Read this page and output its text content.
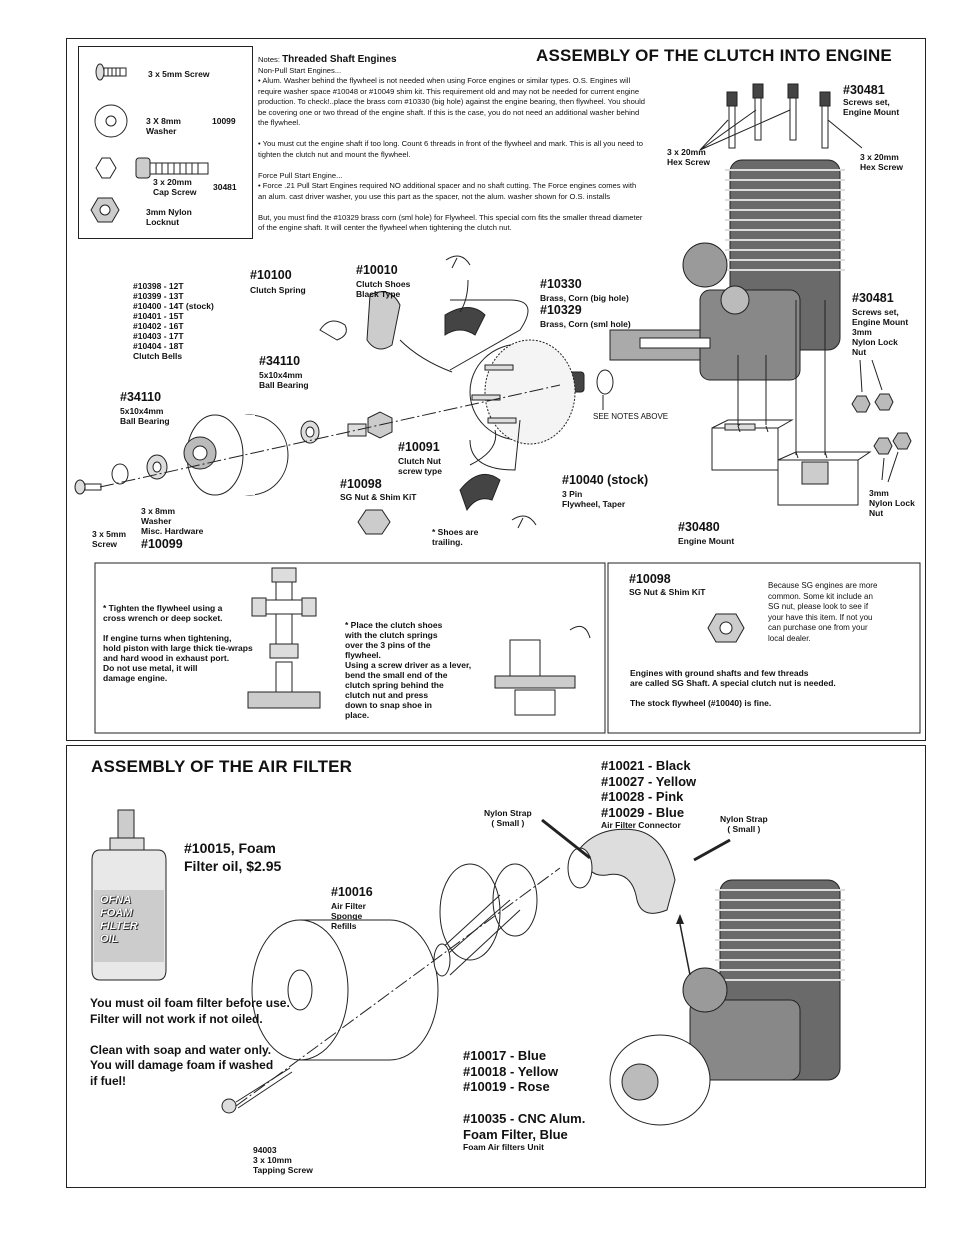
ASSEMBLY OF THE CLUTCH INTO ENGINE
3 x 5mm Screw
3 X 8mm
Washer
10099
3 x 20mm
Cap Screw 30481
3mm Nylon
Locknut
Notes: Threaded Shaft Engines
Non-Pull Start Engines...
• Alum. Washer behind the flywheel is not needed when using Force engines or similar types. O.S. Engines will require washer space #10048 or #10049 shim kit. This requirement old and may not be needed for current engine production. To check!..place the brass corn #10330 (big hole) against the engine bearing, then flywheel. You should be covering one or two thread of the engine shaft. If this is the case, you do not need an additional washer behind the flywheel.

• You must cut the engine shaft if too long. Count 6 threads in front of the flywheel and mark. This is all you need to tighten the clutch nut and mount the flywheel.

Force Pull Start Engine...
• Force .21 Pull Start Engines required NO additional spacer and no shaft cutting. The Force engines comes with an alum. cast driver washer, you use this part as the spacer, not the alum. washer shown for O.S. installs

But, you must find the #10329 brass corn (sml hole) for Flywheel. This special corn fits the smaller thread diameter of the engine shaft. It will center the flywheel when tightening the clutch nut.
#30481
Screws set,
Engine Mount
3 x 20mm
Hex Screw	3 x 20mm
Hex Screw
#10398 - 12T
#10399 - 13T
#10400 - 14T (stock)
#10401 - 15T
#10402 - 16T
#10403 - 17T
#10404 - 18T
Clutch Bells
#10100
Clutch Spring
#10010
Clutch Shoes
Black Type
#10330
Brass, Corn (big hole)
#10329
Brass, Corn (sml hole)
#30481
Screws set,
Engine Mount
3mm
Nylon Lock
Nut
#34110
5x10x4mm
Ball Bearing
#34110
5x10x4mm
Ball Bearing	SEE NOTES ABOVE
#10091
Clutch Nut
screw type
#10098
SG Nut & Shim KiT
#10040 (stock)
3 Pin
Flywheel, Taper
3mm
Nylon Lock
Nut
3 x 8mm
Washer
Misc. Hardware
#10099
3 x 5mm
Screw
* Shoes are
trailing.
#30480
Engine Mount
* Tighten the flywheel using a
cross wrench or deep socket.

If engine turns when tightening,
hold piston with large thick tie-wraps
and hard wood in exhaust port.
Do not use metal, it will
damage engine.
* Place the clutch shoes
with the clutch springs
over the 3 pins of the
flywheel.
Using a screw driver as a lever,
bend the small end of the
clutch spring behind the
clutch nut and press
down to snap shoe in
place.
#10098
SG Nut & Shim KiT
Because SG engines are more
common. Some kit include an
SG nut, please look to see if
your have this item. If not you
can purchase one from your
local dealer.
Engines with ground shafts and few threads
are called SG Shaft. A special clutch nut is needed.
The stock flywheel (#10040) is fine.
ASSEMBLY OF THE AIR FILTER
#10015, Foam
Filter oil, $2.95
OFNA
FOAM
FILTER
OIL
#10021 - Black
#10027 - Yellow
#10028 - Pink
#10029 - Blue
Air Filter Connector
Nylon Strap
( Small )	Nylon Strap
( Small )
#10016
Air Filter
Sponge
Refills
You must oil foam filter before use.
Filter will not work if not oiled.

Clean with soap and water only.
You will damage foam if washed
if fuel!
#10017 - Blue
#10018 - Yellow
#10019 - Rose
#10035 - CNC Alum.
Foam Filter, Blue
Foam Air filters Unit
94003
3 x 10mm
Tapping Screw
